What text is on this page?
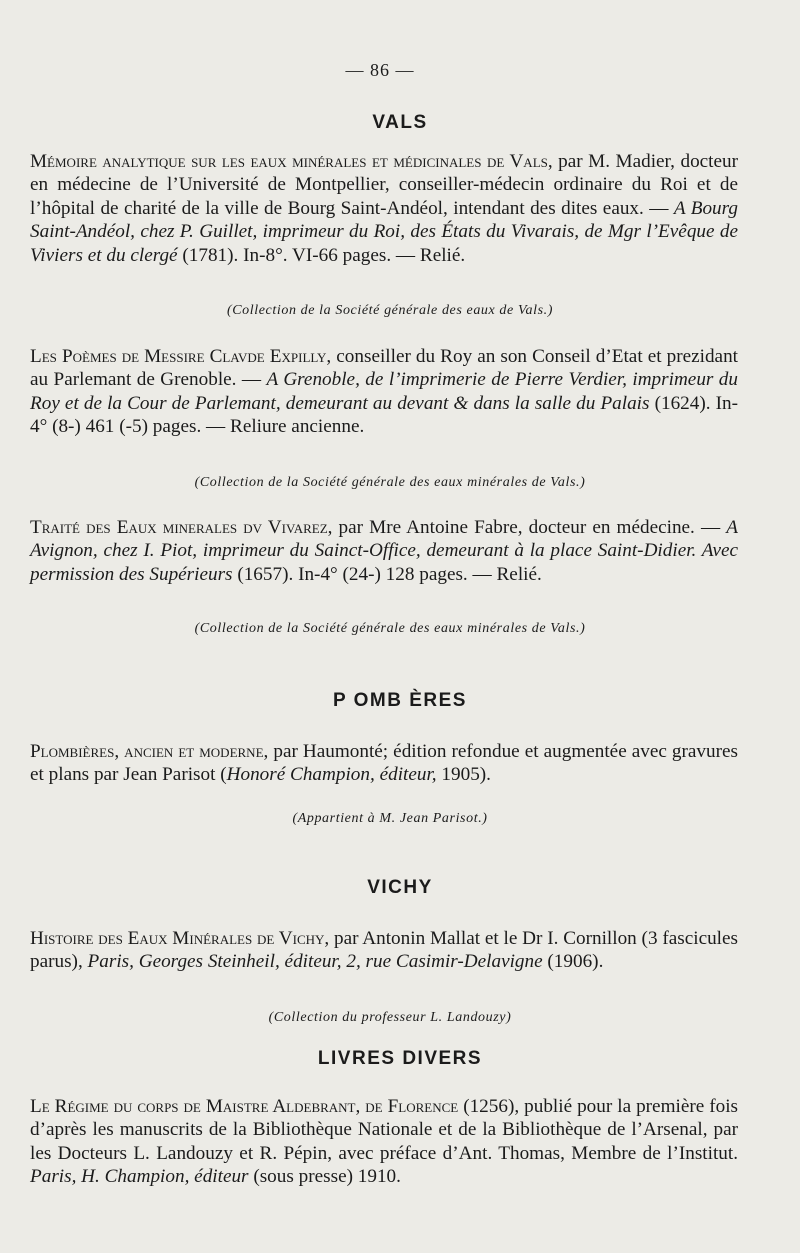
— 86 —
VALS
Mémoire analytique sur les eaux minérales et médicinales de Vals, par M. Madier, docteur en médecine de l’Université de Montpellier, conseiller-médecin ordinaire du Roi et de l’hôpital de charité de la ville de Bourg Saint-Andéol, intendant des dites eaux. — A Bourg Saint-Andéol, chez P. Guillet, imprimeur du Roi, des États du Vivarais, de Mgr l’Evêque de Viviers et du clergé (1781). In-8°. VI-66 pages. — Relié.
(Collection de la Société générale des eaux de Vals.)
Les Poèmes de Messire Clavde Expilly, conseiller du Roy an son Conseil d’Etat et prezidant au Parlemant de Grenoble. — A Grenoble, de l’imprimerie de Pierre Verdier, imprimeur du Roy et de la Cour de Parlemant, demeurant au devant & dans la salle du Palais (1624). In-4° (8-) 461 (-5) pages. — Reliure ancienne.
(Collection de la Société générale des eaux minérales de Vals.)
Traité des Eaux minerales dv Vivarez, par Mre Antoine Fabre, docteur en médecine. — A Avignon, chez I. Piot, imprimeur du Sainct-Office, demeurant à la place Saint-Didier. Avec permission des Supérieurs (1657). In-4° (24-) 128 pages. — Relié.
(Collection de la Société générale des eaux minérales de Vals.)
P OMB ÈRES
Plombières, ancien et moderne, par Haumonté; édition refondue et augmentée avec gravures et plans par Jean Parisot (Honoré Champion, éditeur, 1905).
(Appartient à M. Jean Parisot.)
VICHY
Histoire des Eaux Minérales de Vichy, par Antonin Mallat et le Dr I. Cornillon (3 fascicules parus), Paris, Georges Steinheil, éditeur, 2, rue Casimir-Delavigne (1906).
(Collection du professeur L. Landouzy)
LIVRES DIVERS
Le Régime du corps de Maistre Aldebrant, de Florence (1256), publié pour la première fois d’après les manuscrits de la Bibliothèque Nationale et de la Bibliothèque de l’Arsenal, par les Docteurs L. Landouzy et R. Pépin, avec préface d’Ant. Thomas, Membre de l’Institut. Paris, H. Champion, éditeur (sous presse) 1910.
